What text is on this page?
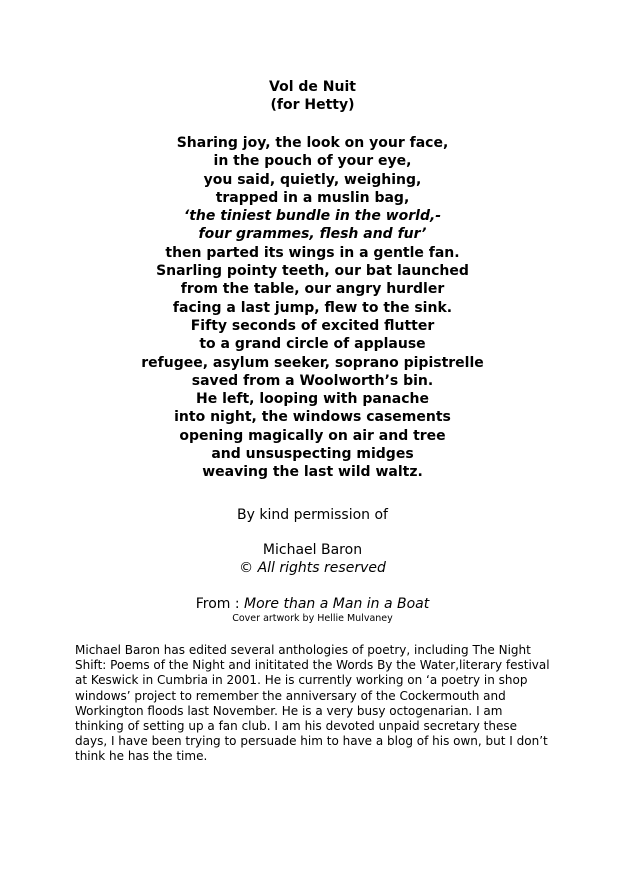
Vol de Nuit
(for Hetty)
Sharing joy, the look on your face,
in the pouch of your eye,
you said, quietly, weighing,
trapped in a muslin bag,
‘the tiniest bundle in the world,-
four grammes, flesh and fur’
then parted its wings in a gentle fan.
Snarling pointy teeth, our bat launched
from the table, our angry hurdler
facing a last jump, flew to the sink.
Fifty seconds of excited flutter
to a grand circle of applause
refugee, asylum seeker, soprano pipistrelle
saved from a Woolworth’s bin.
He left, looping with panache
into night, the windows casements
opening magically on air and tree
and unsuspecting midges
weaving the last wild waltz.
By kind permission of
Michael Baron
© All rights reserved
From : More than a Man in a Boat
Cover artwork by Hellie Mulvaney
Michael Baron has edited several anthologies of poetry, including The Night Shift: Poems of the Night and inititated the Words By the Water,literary festival at Keswick in Cumbria in 2001. He is currently working on ‘a poetry in shop windows’ project to remember the anniversary of the Cockermouth and Workington floods last November. He is a very busy octogenarian. I am thinking of setting up a fan club. I am his devoted unpaid secretary these days, I have been trying to persuade him to have a blog of his own, but I don’t think he has the time.
